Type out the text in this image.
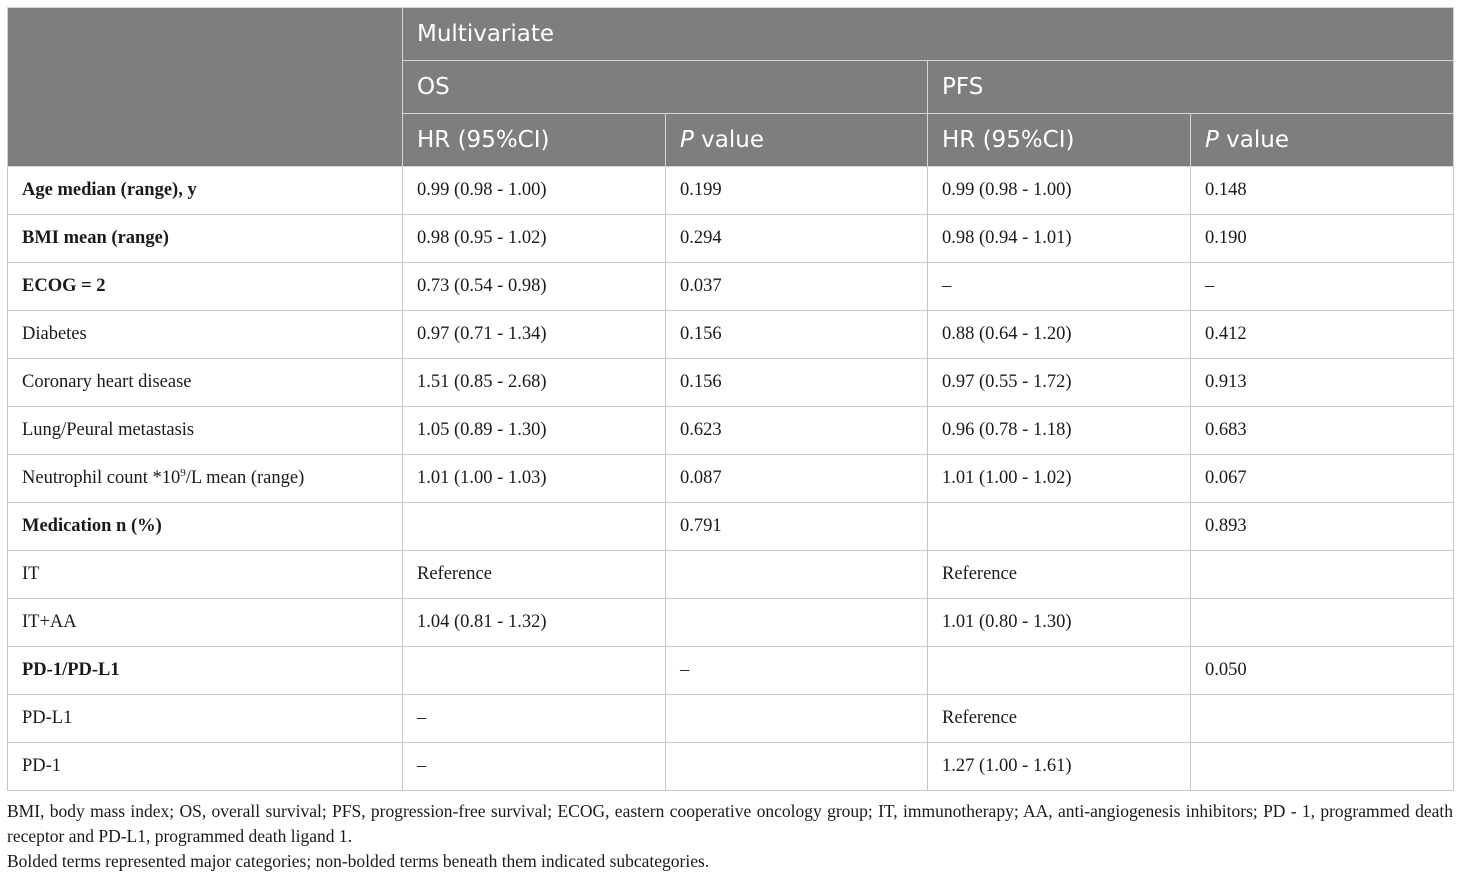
	Multivariate			
	OS		PFS	
	HR (95%CI)	P value	HR (95%CI)	P value
Age median (range), y	0.99 (0.98 - 1.00)	0.199	0.99 (0.98 - 1.00)	0.148
BMI mean (range)	0.98 (0.95 - 1.02)	0.294	0.98 (0.94 - 1.01)	0.190
ECOG = 2	0.73 (0.54 - 0.98)	0.037	–	–
Diabetes	0.97 (0.71 - 1.34)	0.156	0.88 (0.64 - 1.20)	0.412
Coronary heart disease	1.51 (0.85 - 2.68)	0.156	0.97 (0.55 - 1.72)	0.913
Lung/Peural metastasis	1.05 (0.89 - 1.30)	0.623	0.96 (0.78 - 1.18)	0.683
Neutrophil count $*10^9/L$ mean (range)	1.01 (1.00 - 1.03)	0.087	1.01 (1.00 - 1.02)	0.067
Medication n (%)		0.791		0.893
IT	Reference		Reference	
IT+AA	1.04 (0.81 - 1.32)		1.01 (0.80 - 1.30)	
PD-1/PD-L1		–		0.050
PD-L1	–		Reference	
PD-1	–		1.27 (1.00 - 1.61)	

BMI, body mass index; OS, overall survival; PFS, progression-free survival; ECOG, eastern cooperative oncology group; IT, immunotherapy; AA, anti-angiogenesis inhibitors; PD - 1, programmed death receptor and PD-L1, programmed death ligand 1.

Bolded terms represented major categories; non-bolded terms beneath them indicated subcategories.
